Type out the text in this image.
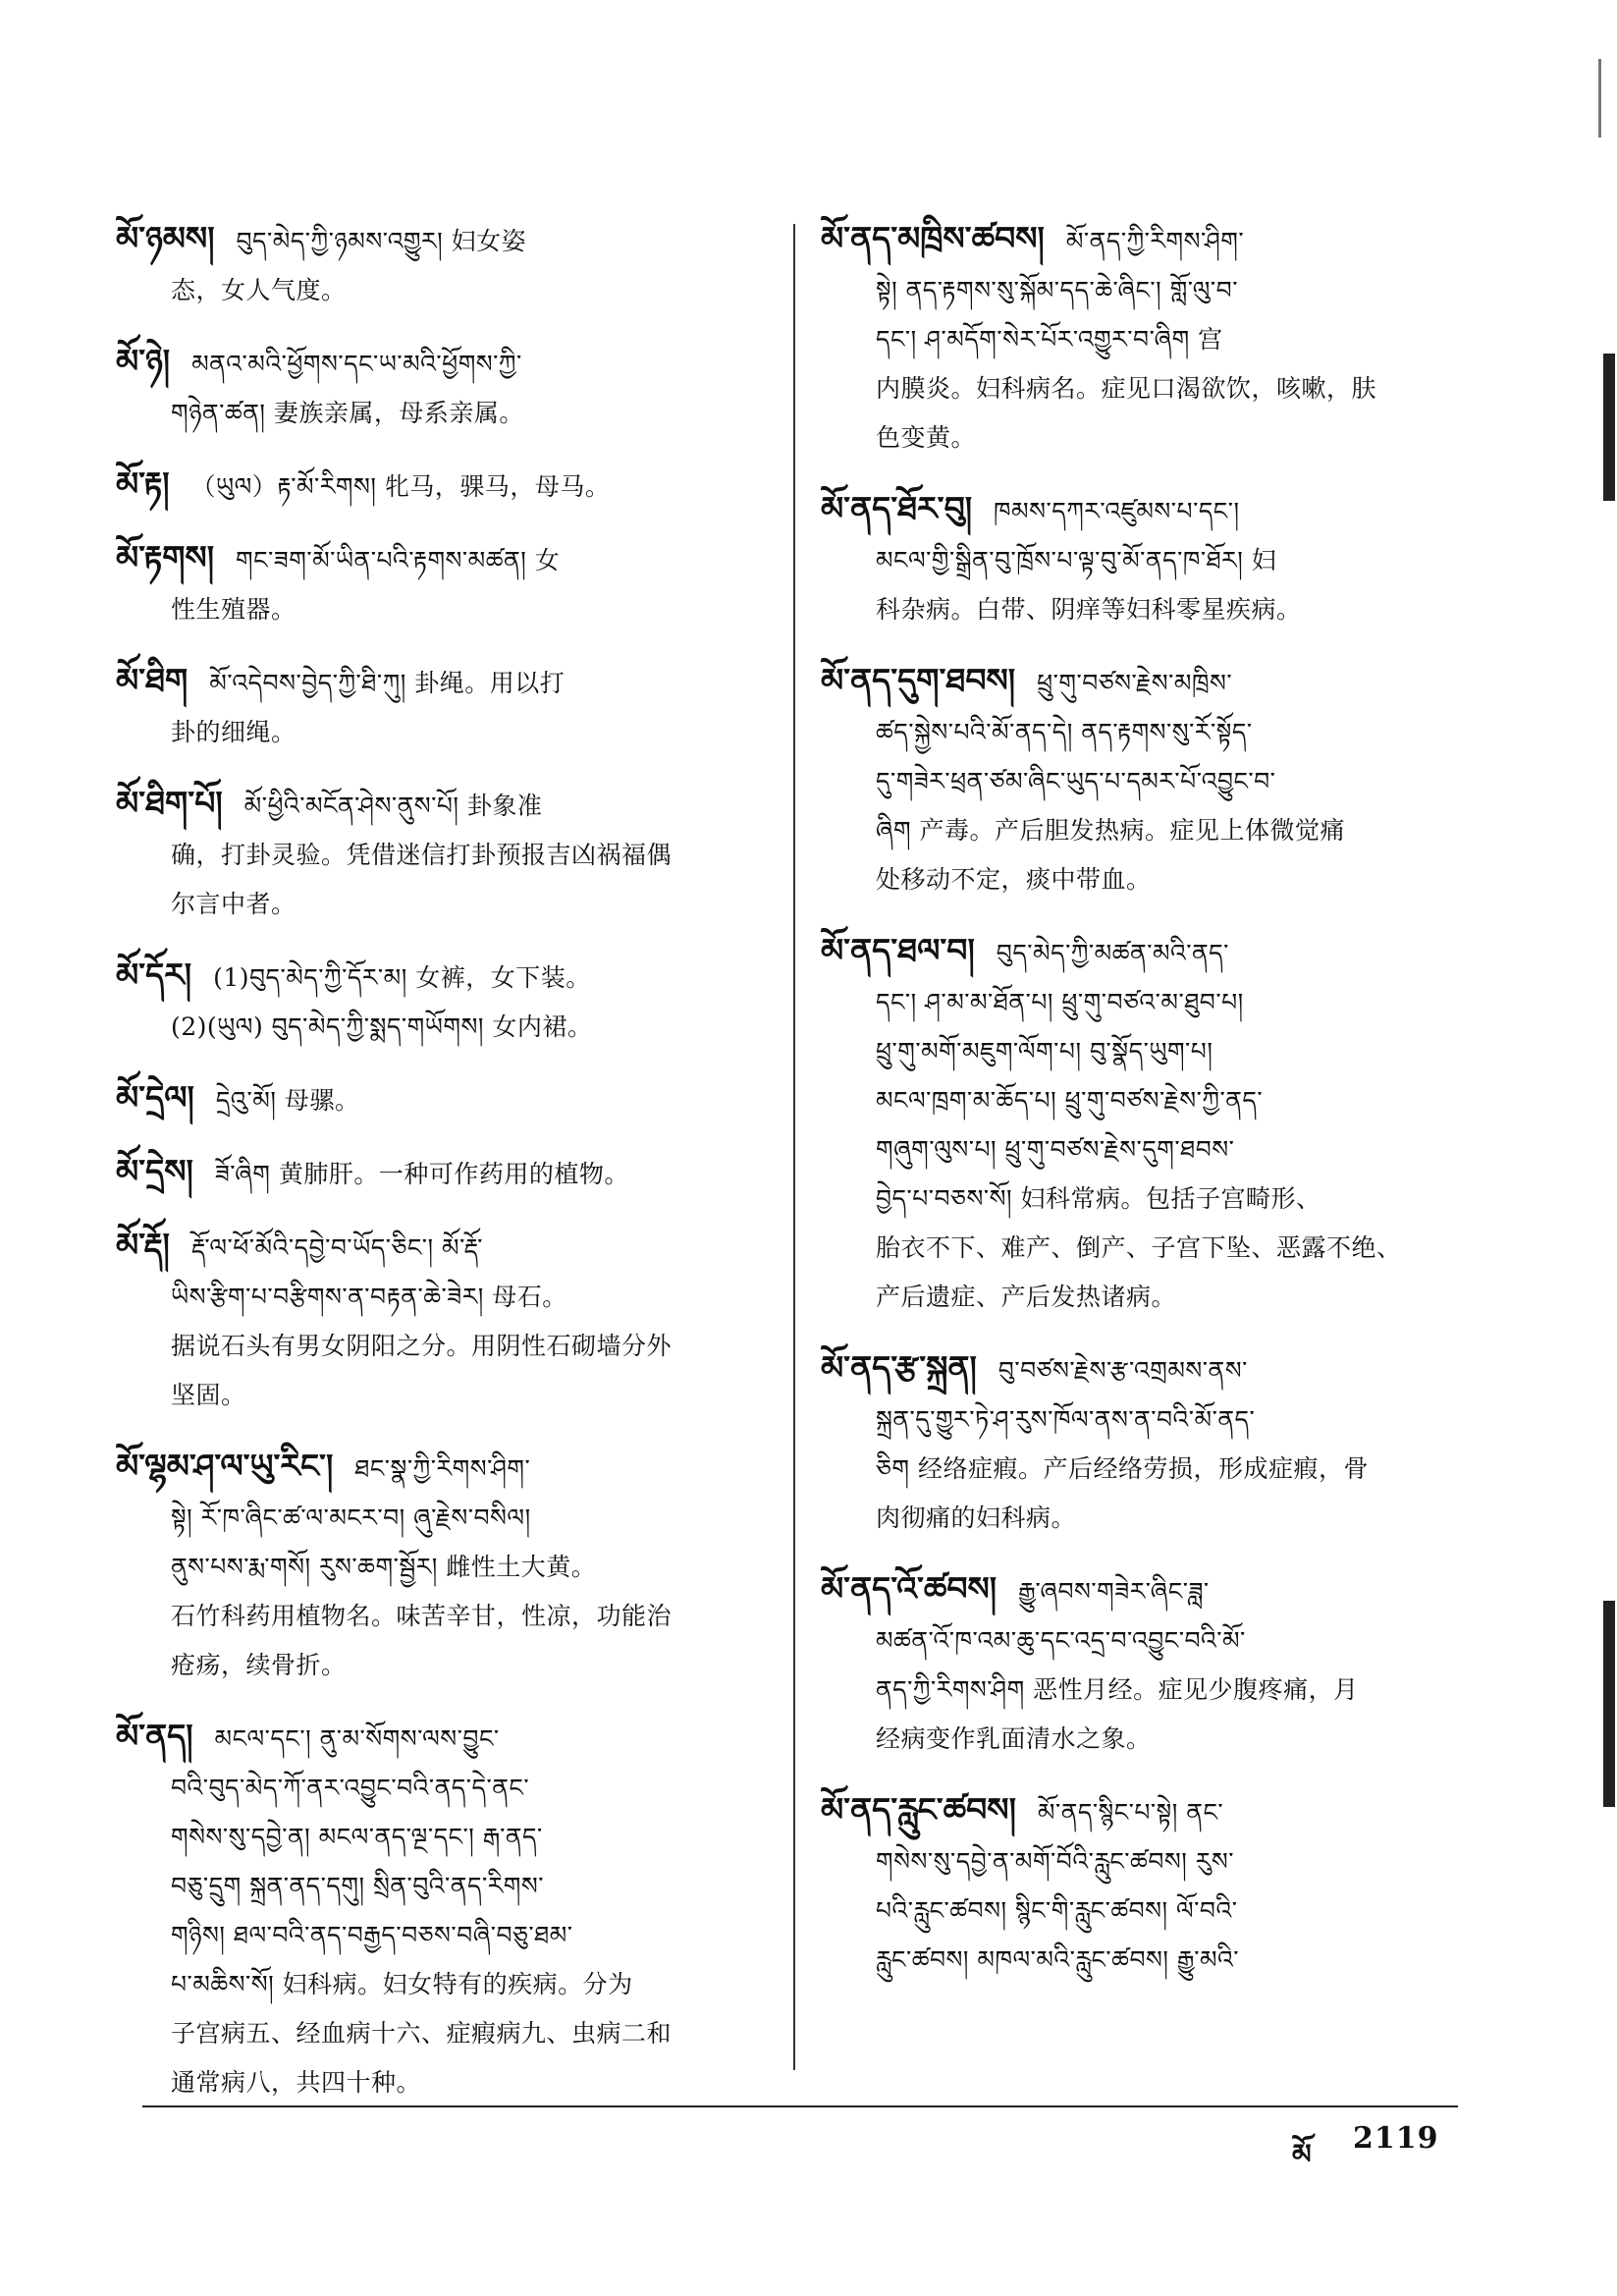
མོ་ཉམས། བུད་མེད་ཀྱི་ཉམས་འགྱུར། 妇女姿
态，女人气度。
མོ་ཉེ། མནའ་མའི་ཕྱོགས་དང་ཡ་མའི་ཕྱོགས་ཀྱི་
གཉེན་ཚན། 妻族亲属，母系亲属。
མོ་རྟ། （ཡུལ）རྟ་མོ་རིགས། 牝马，骒马，母马。
མོ་རྟགས། གང་ཟག་མོ་ཡིན་པའི་རྟགས་མཚན། 女
性生殖器。
མོ་ཐིག མོ་འདེབས་བྱེད་ཀྱི་ཐི་ཀུ། 卦绳。用以打
卦的细绳。
མོ་ཐིག་པོ། མོ་ཕྱིའི་མངོན་ཤེས་ནུས་པོ། 卦象准
确，打卦灵验。凭借迷信打卦预报吉凶祸福偶
尔言中者。
མོ་དོར། (1)བུད་མེད་ཀྱི་དོར་མ། 女裤，女下装。
(2)(ཡུལ) བུད་མེད་ཀྱི་སྨད་གཡོགས། 女内裙。
མོ་དྲེལ། དྲེའུ་མོ། 母骡。
མོ་དྲེས། ཟོ་ཞིག 黄肺肝。一种可作药用的植物。
མོ་རྡོ། རྡོ་ལ་ཕོ་མོའི་དབྱེ་བ་ཡོད་ཅིང་། མོ་རྡོ་
ཡིས་རྩིག་པ་བརྩིགས་ན་བརྟན་ཆེ་ཟེར། 母石。
据说石头有男女阴阳之分。用阴性石砌墙分外
坚固。
མོ་ལྷམ་ཤ་ལ་ཡུ་རིང་། ཐང་སྣ་ཀྱི་རིགས་ཤིག་
སྟེ། རོ་ཁ་ཞིང་ཚ་ལ་མངར་བ། ཞུ་རྗེས་བསིལ།
ནུས་པས་རྨ་གསོ། རུས་ཆག་སྦྱོར། 雌性土大黄。
石竹科药用植物名。味苦辛甘，性凉，功能治
疮疡，续骨折。
མོ་ནད། མངལ་དང་། ནུ་མ་སོགས་ལས་བྱུང་
བའི་བུད་མེད་ཀོ་ནར་འབྱུང་བའི་ནད་དེ་ནང་
གསེས་སུ་དབྱེ་ན། མངལ་ནད་ལྔ་དང་། རྒ་ནད་
བཅུ་དྲུག སྐྲན་ནད་དགུ། སྲིན་བུའི་ནད་རིགས་
གཉིས། ཐལ་བའི་ནད་བརྒྱད་བཅས་བཞི་བཅུ་ཐམ་
པ་མཆིས་སོ། 妇科病。妇女特有的疾病。分为
子宫病五、经血病十六、症瘕病九、虫病二和
通常病八，共四十种。
མོ་ནད་མཁྲིས་ཚབས། མོ་ནད་ཀྱི་རིགས་ཤིག་
སྟེ། ནད་རྟགས་སུ་སྐོམ་དད་ཆེ་ཞིང་། གློ་ལུ་བ་
དང་། ཤ་མདོག་སེར་པོར་འགྱུར་བ་ཞིག 宫
内膜炎。妇科病名。症见口渴欲饮，咳嗽，肤
色变黄。
མོ་ནད་ཐོར་བུ། ཁམས་དཀར་འཛུམས་པ་དང་།
མངལ་གྱི་སྒྲིན་བུ་ཁྲོས་པ་ལྟ་བུ་མོ་ནད་ཁ་ཐོར། 妇
科杂病。白带、阴痒等妇科零星疾病。
མོ་ནད་དུག་ཐབས། ཕྲུ་གུ་བཙས་རྗེས་མཁྲིས་
ཚད་སྐྱེས་པའི་མོ་ནད་དེ། ནད་རྟགས་སུ་རོ་སྟོད་
དུ་གཟེར་ཕྲན་ཙམ་ཞིང་ཡུད་པ་དམར་པོ་འབྱུང་བ་
ཞིག 产毒。产后胆发热病。症见上体微觉痛
处移动不定，痰中带血。
མོ་ནད་ཐལ་བ། བུད་མེད་ཀྱི་མཚན་མའི་ནད་
དང་། ཤ་མ་མ་ཐོན་པ། ཕྲུ་གུ་བཙའ་མ་ཐུབ་པ།
ཕྲུ་གུ་མགོ་མཇུག་ལོག་པ། བུ་སྣོད་ཡུག་པ།
མངལ་ཁྲག་མ་ཆོད་པ། ཕྲུ་གུ་བཙས་རྗེས་ཀྱི་ནད་
གཞུག་ལུས་པ། ཕྲུ་གུ་བཙས་རྗེས་དུག་ཐབས་
བྱེད་པ་བཅས་སོ། 妇科常病。包括子宫畸形、
胎衣不下、难产、倒产、子宫下坠、恶露不绝、
产后遗症、产后发热诸病。
མོ་ནད་རྩ་སྐྲན། བུ་བཙས་རྗེས་རྩ་འགྲམས་ནས་
སྐྲན་དུ་གྱུར་ཏེ་ཤ་རུས་ཁོལ་ནས་ན་བའི་མོ་ནད་
ཅིག 经络症瘕。产后经络劳损，形成症瘕，骨
肉彻痛的妇科病。
མོ་ནད་འོ་ཚབས། རྒྱུ་ཞབས་གཟེར་ཞིང་ཟླ་
མཚན་འོ་ཁ་འམ་ཆུ་དང་འདྲ་བ་འབྱུང་བའི་མོ་
ནད་ཀྱི་རིགས་ཤིག 恶性月经。症见少腹疼痛，月
经病变作乳面清水之象。
མོ་ནད་རླུང་ཚབས། མོ་ནད་སྙིང་པ་སྟེ། ནང་
གསེས་སུ་དབྱེ་ན་མགོ་བོའི་རླུང་ཚབས། རུས་
པའི་རླུང་ཚབས། སྙིང་གི་རླུང་ཚབས། ལོ་བའི་
རླུང་ཚབས། མཁལ་མའི་རླུང་ཚབས། རྒྱུ་མའི་
མོ 2119
